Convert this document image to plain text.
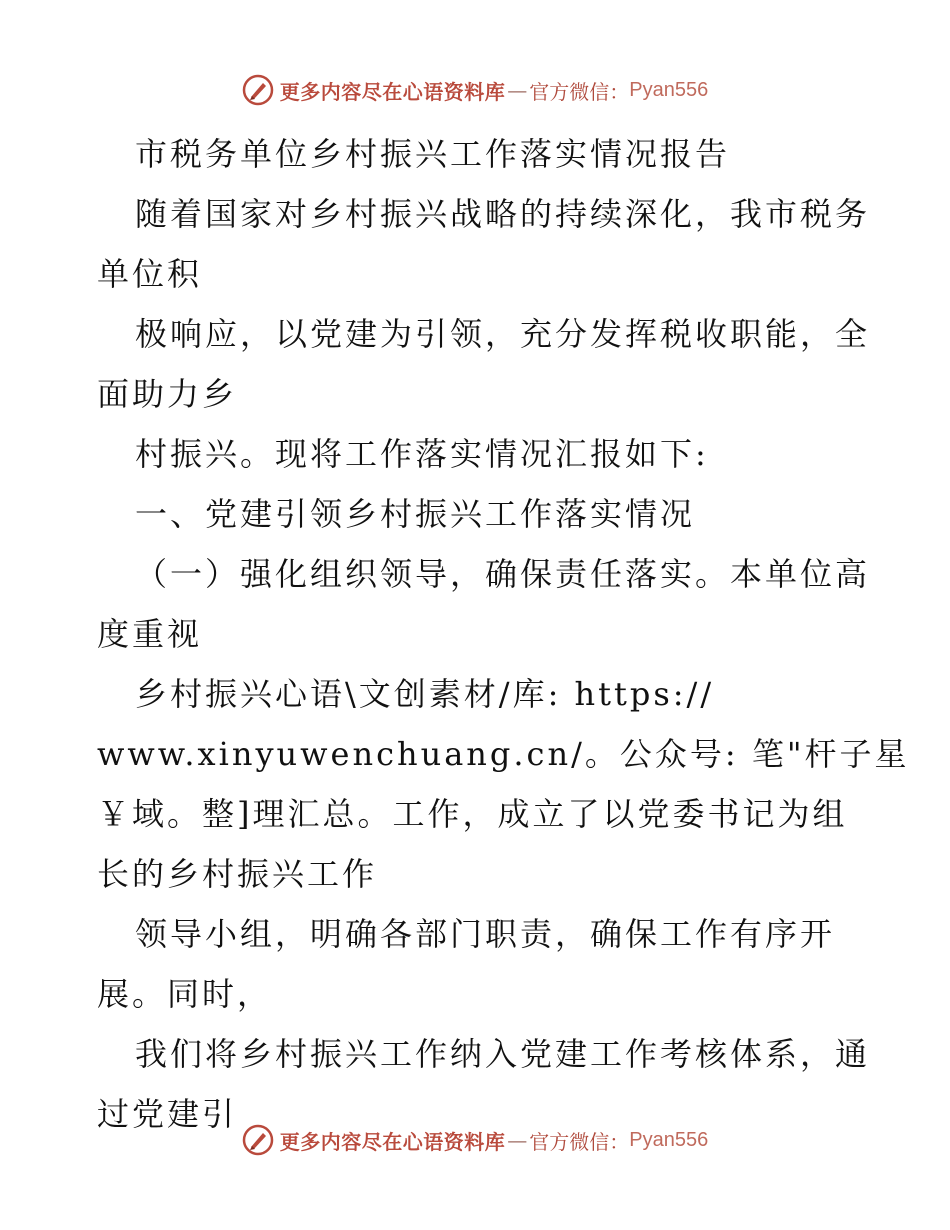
更多内容尽在心语资料库 — 官方微信： Pyan556
市税务单位乡村振兴工作落实情况报告
随着国家对乡村振兴战略的持续深化，我市税务
单位积
极响应，以党建为引领，充分发挥税收职能，全
面助力乡
村振兴。现将工作落实情况汇报如下:
一、党建引领乡村振兴工作落实情况
（一）强化组织领导，确保责任落实。本单位高
度重视
乡村振兴心语\文创素材/库: https://
www.xinyuwenchuang.cn/。公众号: 笔"杆子星
￥域。整]理汇总。工作，成立了以党委书记为组
长的乡村振兴工作
领导小组，明确各部门职责，确保工作有序开
展。同时，
我们将乡村振兴工作纳入党建工作考核体系，通
过党建引
更多内容尽在心语资料库 — 官方微信： Pyan556
